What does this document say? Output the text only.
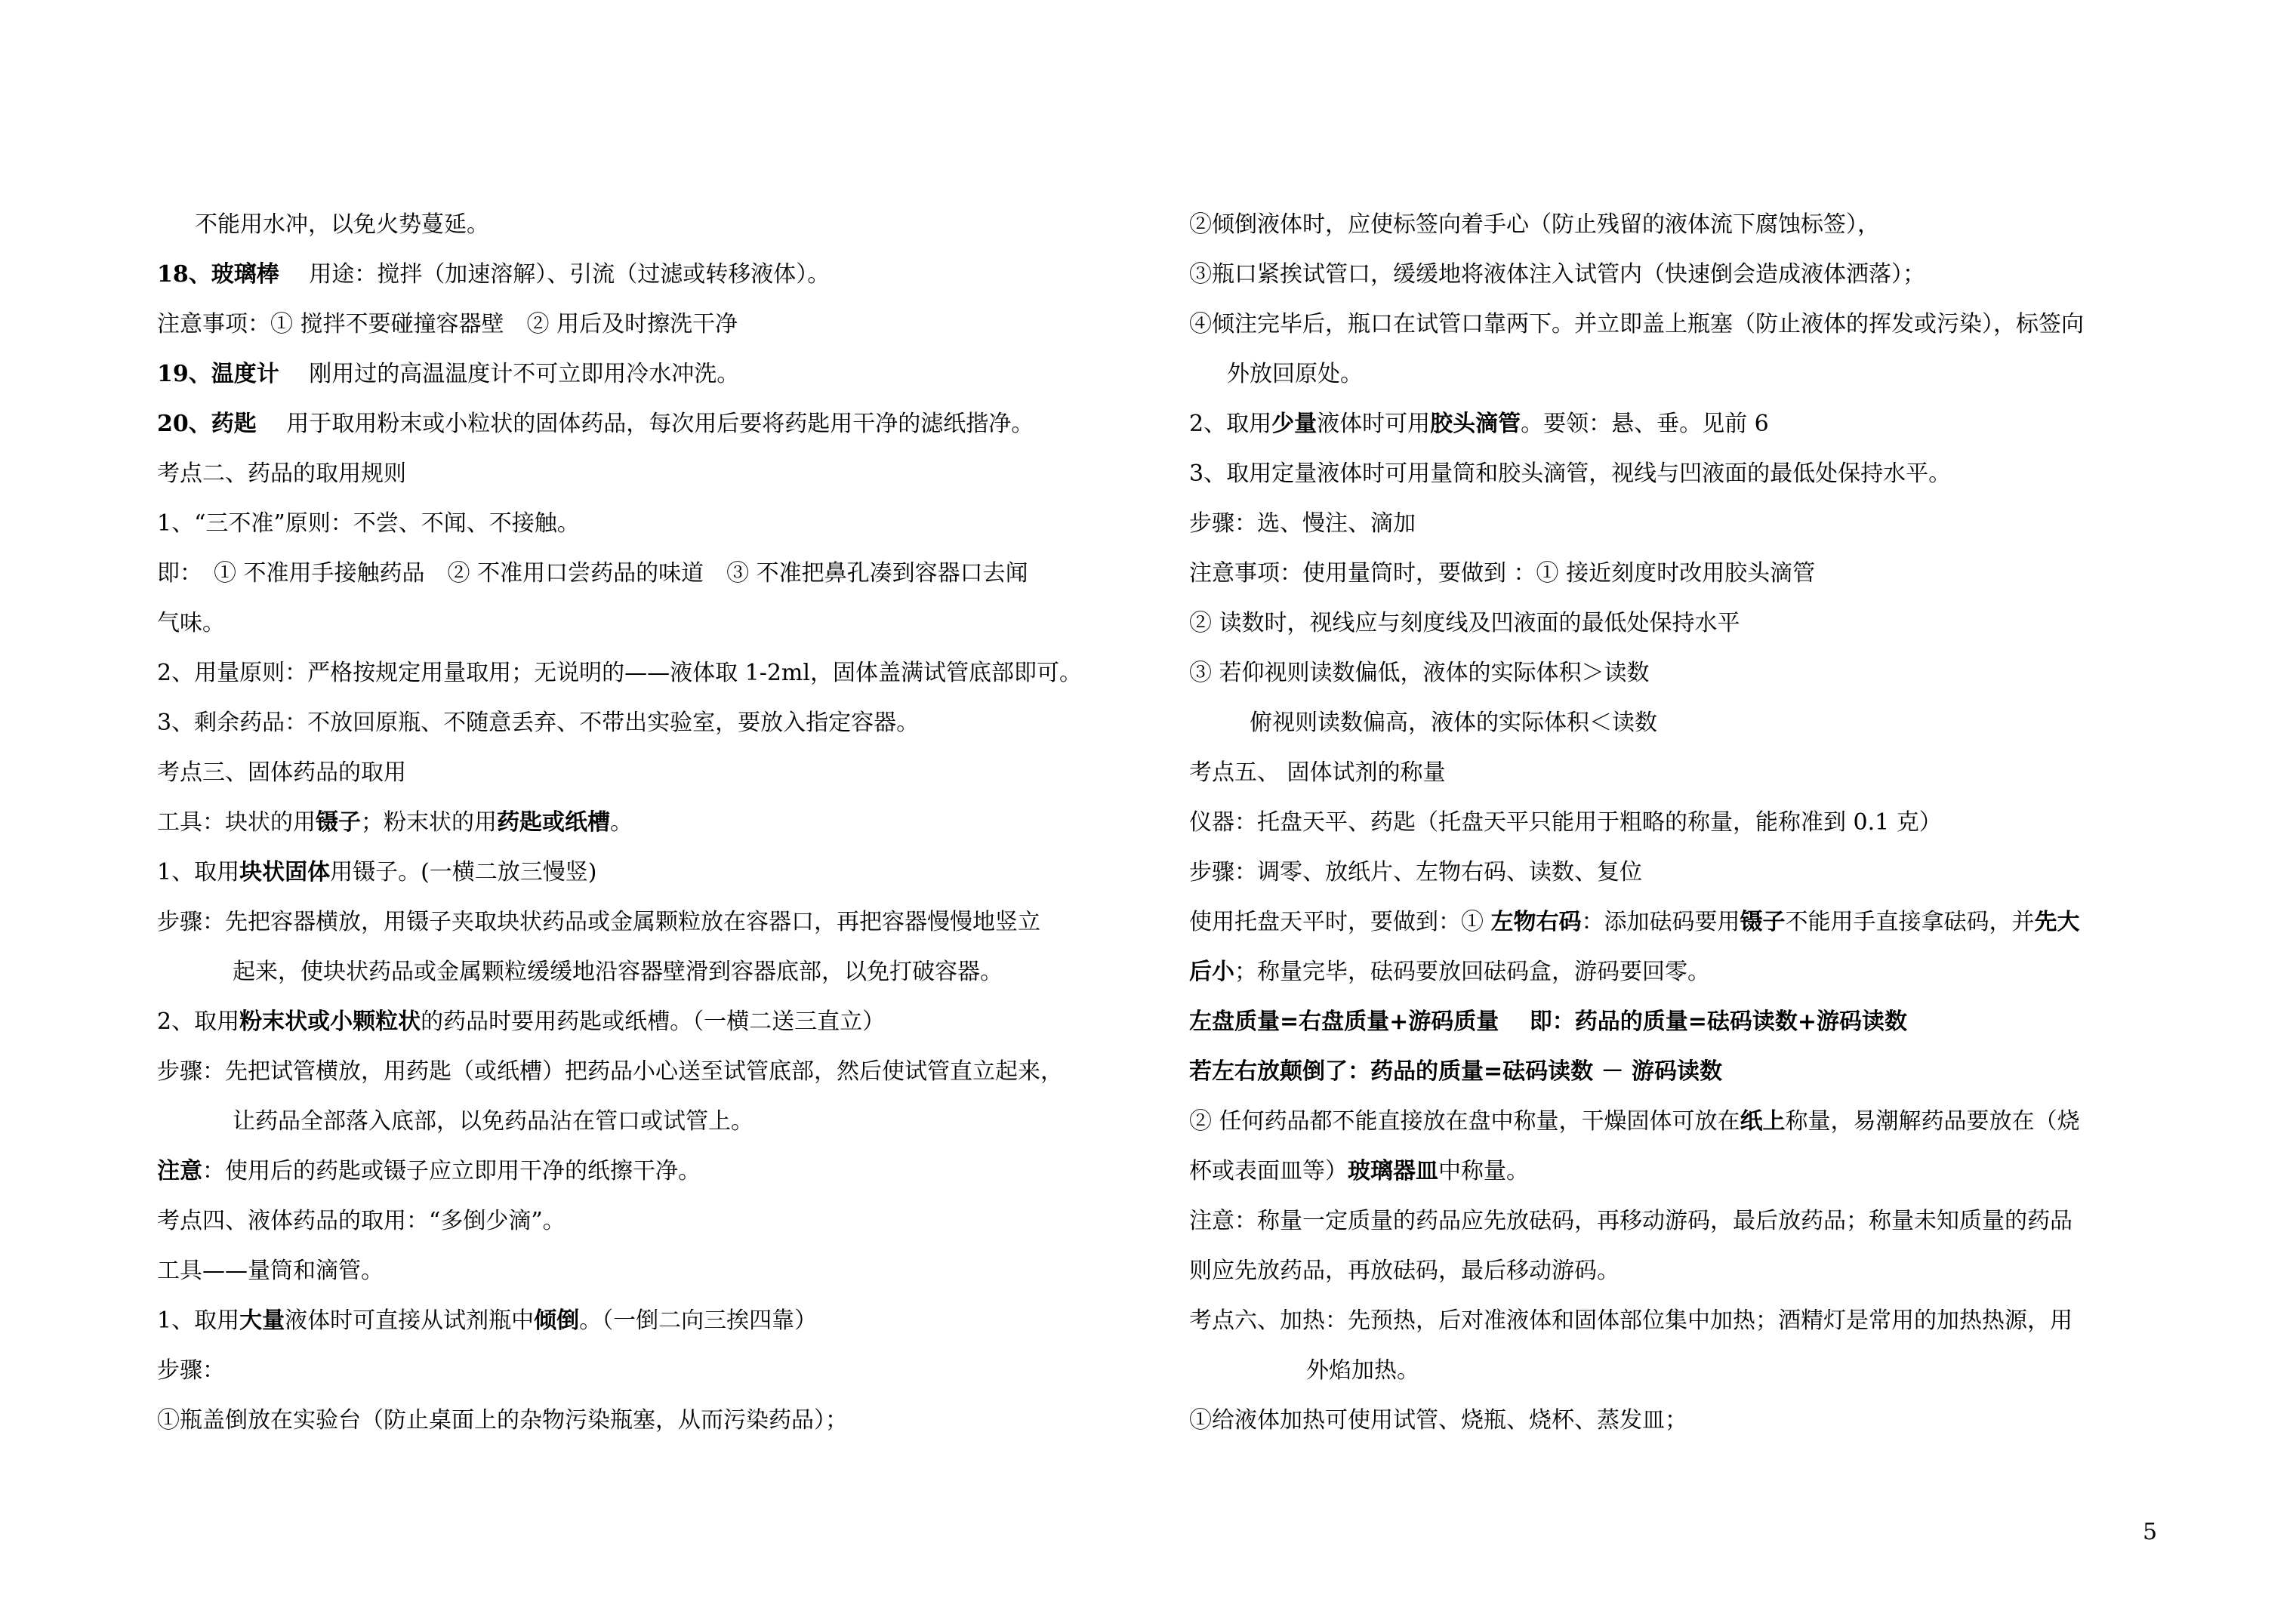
不能用水冲，以免火势蔓延。
18、玻璃棒　 用途：搅拌（加速溶解）、引流（过滤或转移液体）。
注意事项：① 搅拌不要碰撞容器壁　② 用后及时擦洗干净
19、温度计　 刚用过的高温温度计不可立即用冷水冲洗。
20、药匙　 用于取用粉末或小粒状的固体药品，每次用后要将药匙用干净的滤纸揩净。
考点二、药品的取用规则
1、“三不准”原则：不尝、不闻、不接触。
即：　① 不准用手接触药品　② 不准用口尝药品的味道　③ 不准把鼻孔凑到容器口去闻
气味。
2、用量原则：严格按规定用量取用；无说明的——液体取 1-2ml，固体盖满试管底部即可。
3、剩余药品：不放回原瓶、不随意丢弃、不带出实验室，要放入指定容器。
考点三、固体药品的取用
工具：块状的用镊子；粉末状的用药匙或纸槽。
1、取用块状固体用镊子。(一横二放三慢竖)
步骤：先把容器横放，用镊子夹取块状药品或金属颗粒放在容器口，再把容器慢慢地竖立
起来，使块状药品或金属颗粒缓缓地沿容器壁滑到容器底部，以免打破容器。
2、取用粉末状或小颗粒状的药品时要用药匙或纸槽。（一横二送三直立）
步骤：先把试管横放，用药匙（或纸槽）把药品小心送至试管底部，然后使试管直立起来，
让药品全部落入底部，以免药品沾在管口或试管上。
注意：使用后的药匙或镊子应立即用干净的纸擦干净。
考点四、液体药品的取用：“多倒少滴”。
工具——量筒和滴管。
1、取用大量液体时可直接从试剂瓶中倾倒。（一倒二向三挨四靠）
步骤：
①瓶盖倒放在实验台（防止桌面上的杂物污染瓶塞，从而污染药品）；
②倾倒液体时，应使标签向着手心（防止残留的液体流下腐蚀标签），
③瓶口紧挨试管口，缓缓地将液体注入试管内（快速倒会造成液体洒落）；
④倾注完毕后，瓶口在试管口靠两下。并立即盖上瓶塞（防止液体的挥发或污染），标签向
外放回原处。
2、取用少量液体时可用胶头滴管。要领：悬、垂。见前 6
3、取用定量液体时可用量筒和胶头滴管，视线与凹液面的最低处保持水平。
步骤：选、慢注、滴加
注意事项：使用量筒时，要做到 ：① 接近刻度时改用胶头滴管
② 读数时，视线应与刻度线及凹液面的最低处保持水平
③ 若仰视则读数偏低，液体的实际体积＞读数
俯视则读数偏高，液体的实际体积＜读数
考点五、 固体试剂的称量
仪器：托盘天平、药匙（托盘天平只能用于粗略的称量，能称准到 0.1 克）
步骤：调零、放纸片、左物右码、读数、复位
使用托盘天平时，要做到：① 左物右码：添加砝码要用镊子不能用手直接拿砝码，并先大
后小；称量完毕，砝码要放回砝码盒，游码要回零。
左盘质量=右盘质量+游码质量　 即：药品的质量=砝码读数+游码读数
若左右放颠倒了：药品的质量=砝码读数 － 游码读数
② 任何药品都不能直接放在盘中称量，干燥固体可放在纸上称量，易潮解药品要放在（烧
杯或表面皿等）玻璃器皿中称量。
注意：称量一定质量的药品应先放砝码，再移动游码，最后放药品；称量未知质量的药品
则应先放药品，再放砝码，最后移动游码。
考点六、加热：先预热，后对准液体和固体部位集中加热；酒精灯是常用的加热热源，用
外焰加热。
①给液体加热可使用试管、烧瓶、烧杯、蒸发皿；
5
